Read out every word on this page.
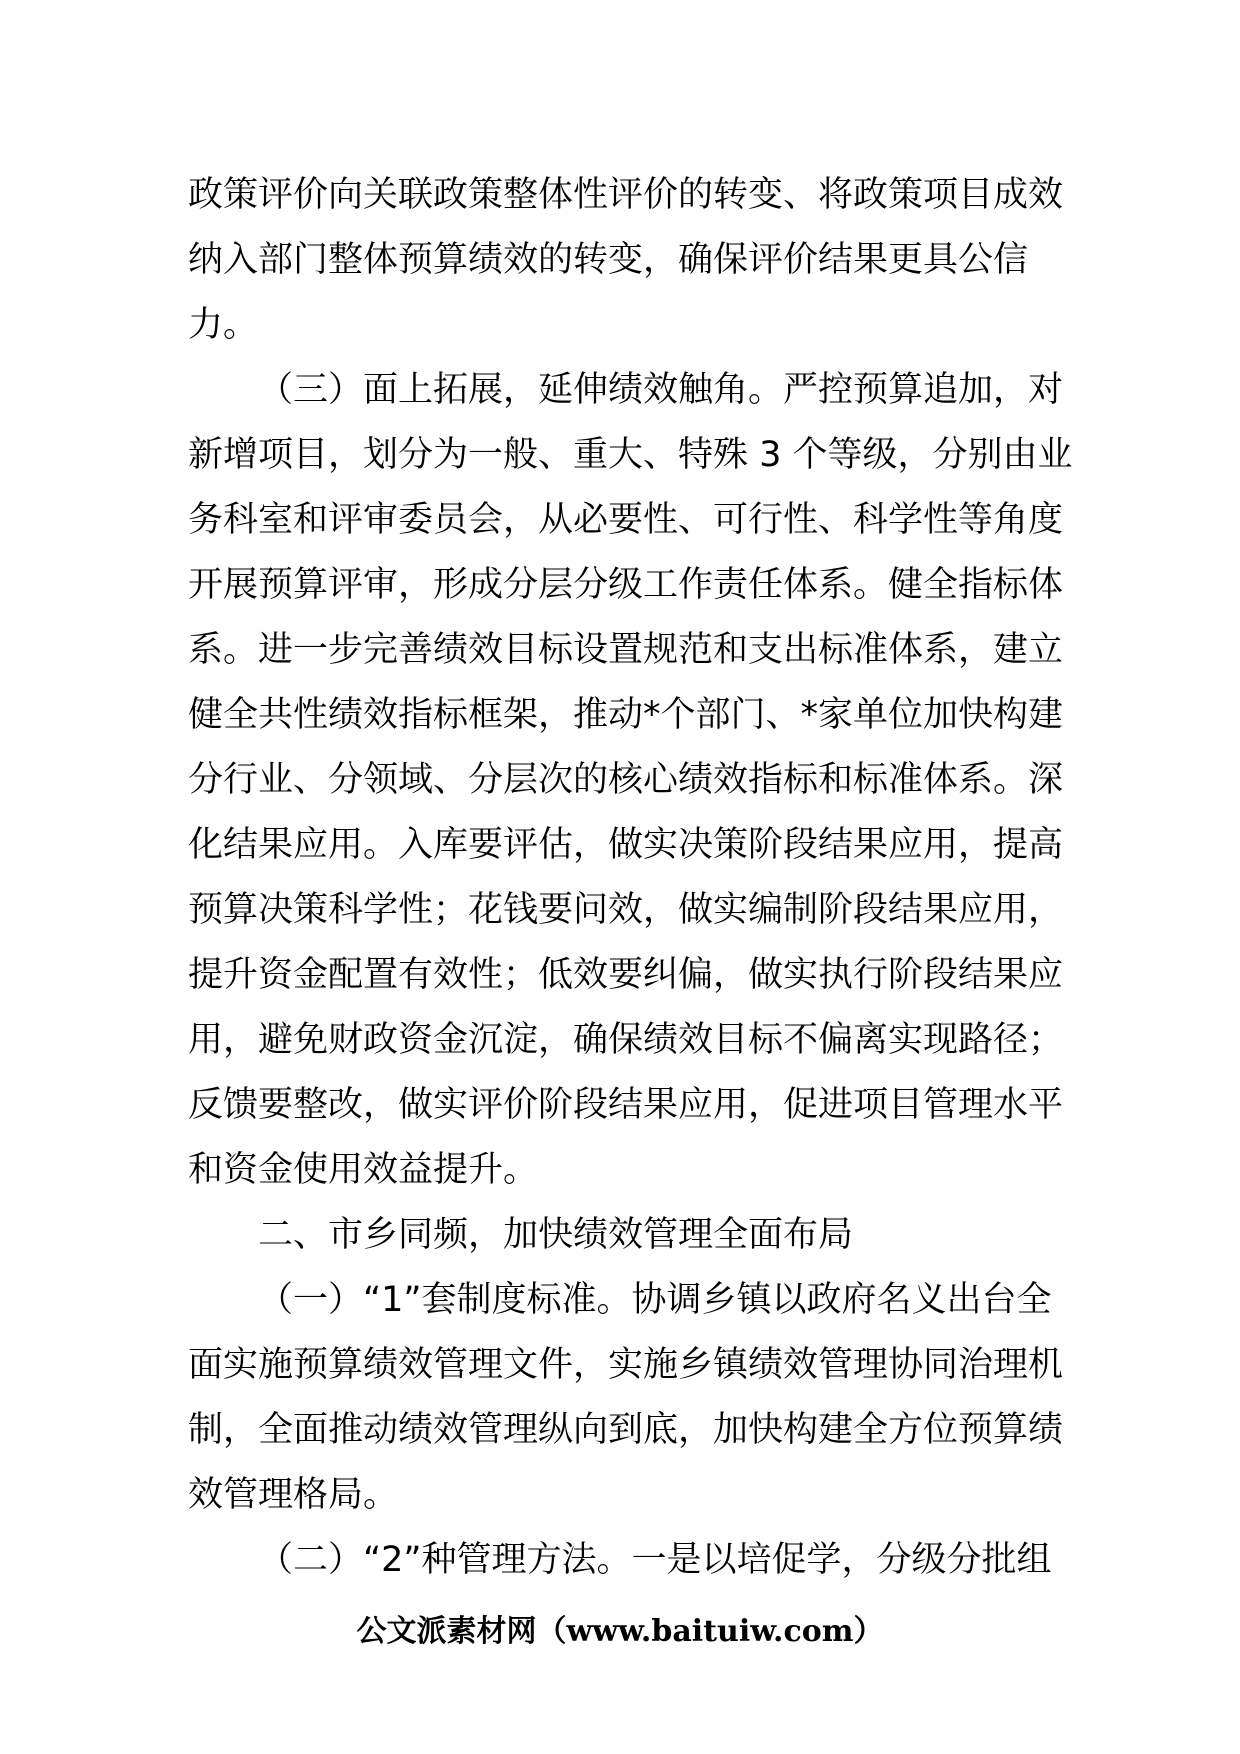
政策评价向关联政策整体性评价的转变、将政策项目成效
纳入部门整体预算绩效的转变，确保评价结果更具公信
力。
（三）面上拓展，延伸绩效触角。严控预算追加，对
新增项目，划分为一般、重大、特殊 3 个等级，分别由业
务科室和评审委员会，从必要性、可行性、科学性等角度
开展预算评审，形成分层分级工作责任体系。健全指标体
系。进一步完善绩效目标设置规范和支出标准体系，建立
健全共性绩效指标框架，推动*个部门、*家单位加快构建
分行业、分领域、分层次的核心绩效指标和标准体系。深
化结果应用。入库要评估，做实决策阶段结果应用，提高
预算决策科学性；花钱要问效，做实编制阶段结果应用，
提升资金配置有效性；低效要纠偏，做实执行阶段结果应
用，避免财政资金沉淀，确保绩效目标不偏离实现路径；
反馈要整改，做实评价阶段结果应用，促进项目管理水平
和资金使用效益提升。
二、市乡同频，加快绩效管理全面布局
（一）“1”套制度标准。协调乡镇以政府名义出台全
面实施预算绩效管理文件，实施乡镇绩效管理协同治理机
制，全面推动绩效管理纵向到底，加快构建全方位预算绩
效管理格局。
（二）“2”种管理方法。一是以培促学，分级分批组
公文派素材网（www.baituiw.com）
